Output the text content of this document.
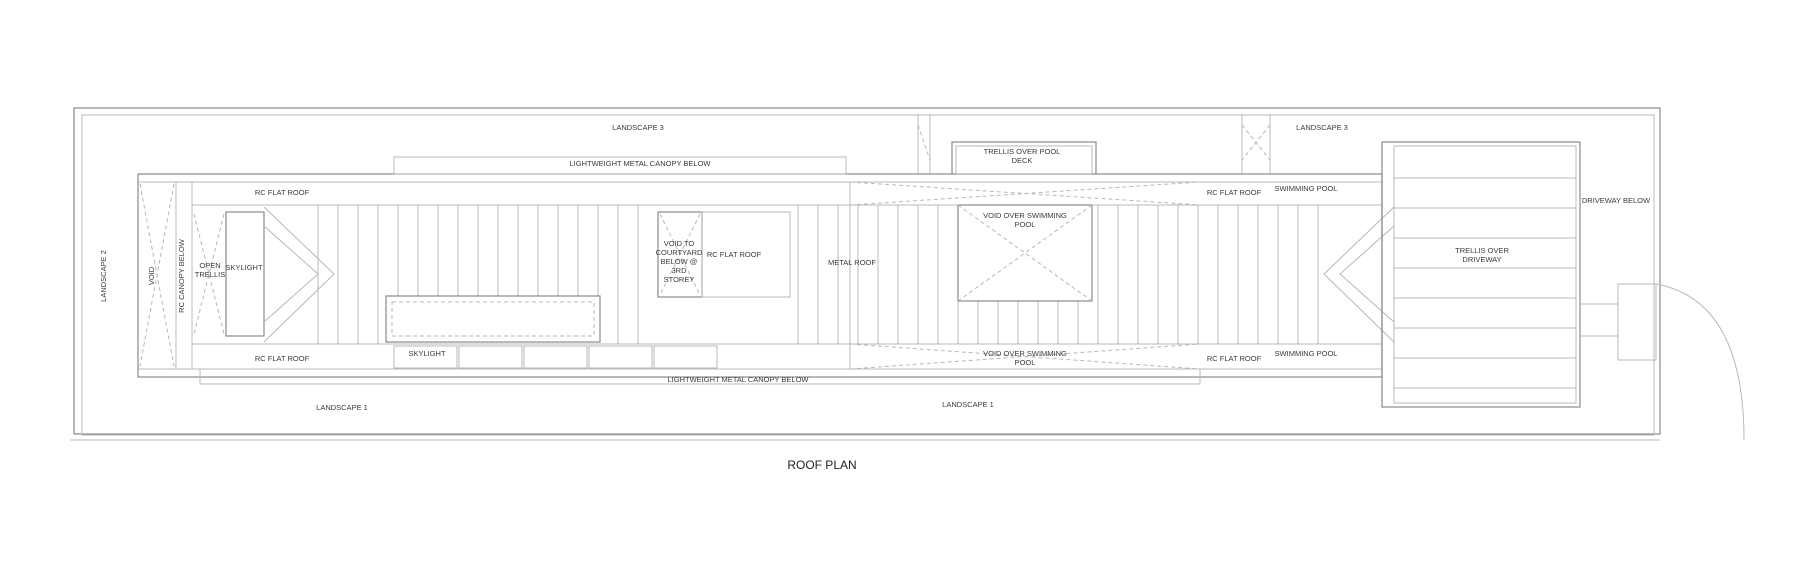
LANDSCAPE 3	LANDSCAPE 3
LANDSCAPE 2
LANDSCAPE 1	LANDSCAPE 1
LIGHTWEIGHT METAL CANOPY BELOW
LIGHTWEIGHT METAL CANOPY BELOW
TRELLIS OVER POOL
DECK
RC FLAT ROOF
RC FLAT ROOF
RC FLAT ROOF
RC FLAT ROOF
RC FLAT ROOF
SWIMMING POOL
SWIMMING POOL
DRIVEWAY BELOW
TRELLIS OVER
DRIVEWAY
VOID	RC CANOPY BELOW OPEN
TRELLIS
SKYLIGHT
SKYLIGHT
VOID TO
COURTYARD
BELOW @
3RD
STOREY
METAL ROOF
VOID OVER SWIMMING
POOL
VOID OVER SWIMMING
POOL
ROOF PLAN
